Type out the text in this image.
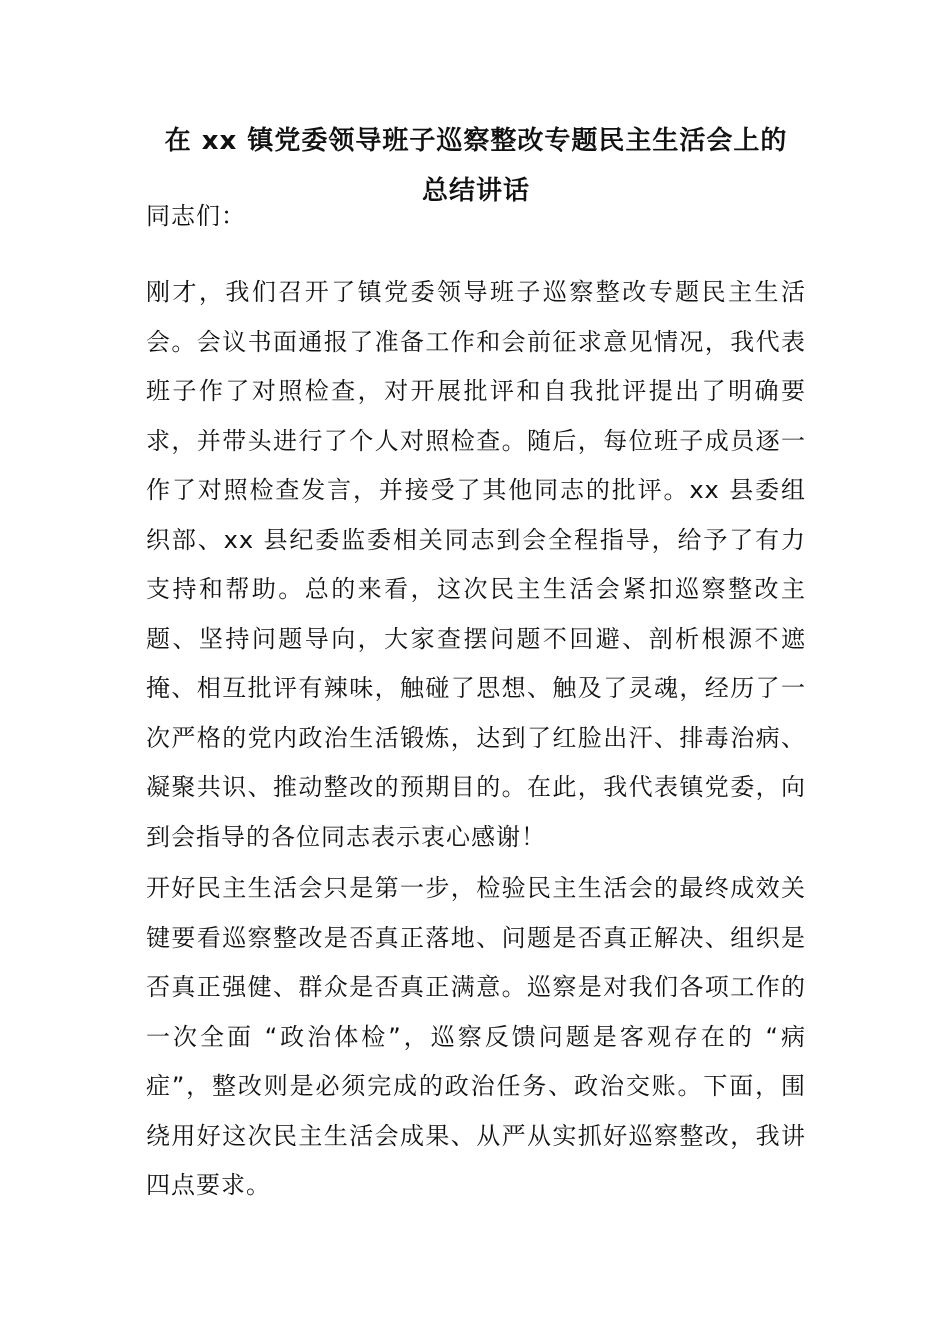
在 xx 镇党委领导班子巡察整改专题民主生活会上的
总结讲话
同志们：
刚才，我们召开了镇党委领导班子巡察整改专题民主生活会。会议书面通报了准备工作和会前征求意见情况，我代表班子作了对照检查，对开展批评和自我批评提出了明确要求，并带头进行了个人对照检查。随后，每位班子成员逐一作了对照检查发言，并接受了其他同志的批评。xx 县委组织部、xx 县纪委监委相关同志到会全程指导，给予了有力支持和帮助。总的来看，这次民主生活会紧扣巡察整改主题、坚持问题导向，大家查摆问题不回避、剖析根源不遮掩、相互批评有辣味，触碰了思想、触及了灵魂，经历了一次严格的党内政治生活锻炼，达到了红脸出汗、排毒治病、凝聚共识、推动整改的预期目的。在此，我代表镇党委，向到会指导的各位同志表示衷心感谢！
开好民主生活会只是第一步，检验民主生活会的最终成效关键要看巡察整改是否真正落地、问题是否真正解决、组织是否真正强健、群众是否真正满意。巡察是对我们各项工作的一次全面 “政治体检”，巡察反馈问题是客观存在的 “病症”，整改则是必须完成的政治任务、政治交账。下面，围绕用好这次民主生活会成果、从严从实抓好巡察整改，我讲四点要求。
